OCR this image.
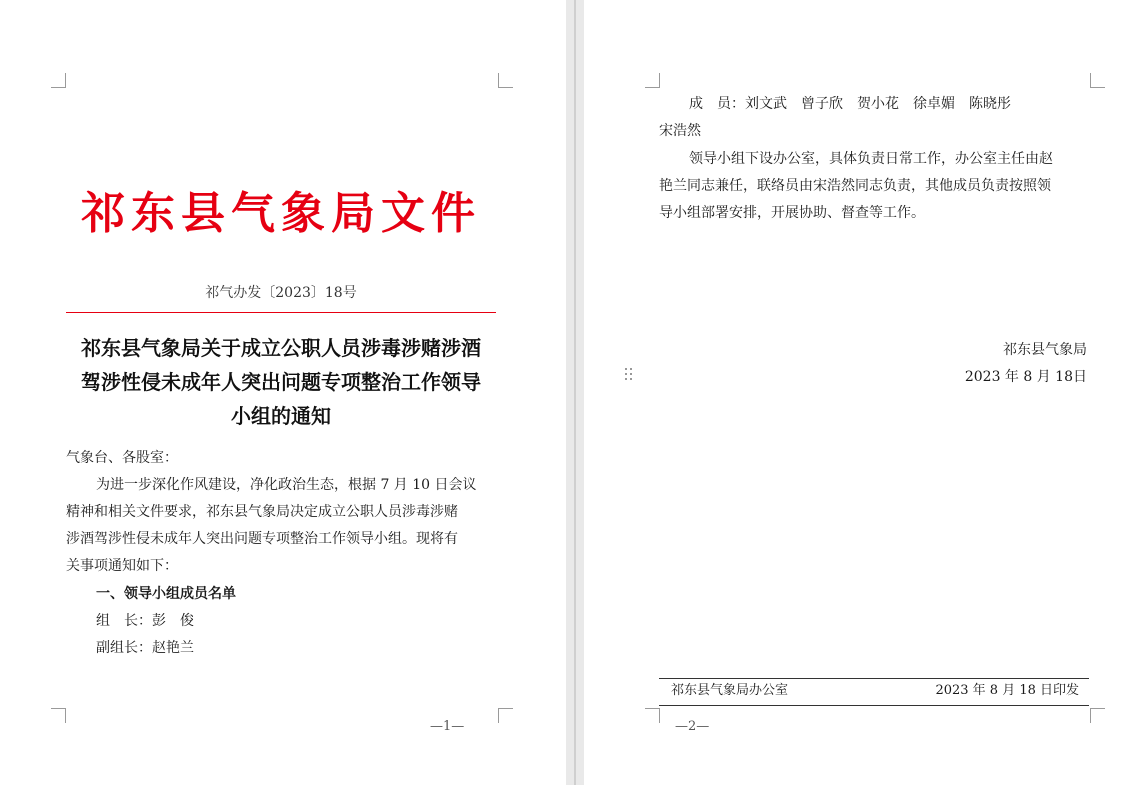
祁东县气象局文件
祁气办发〔2023〕18号
祁东县气象局关于成立公职人员涉毒涉赌涉酒
驾涉性侵未成年人突出问题专项整治工作领导
小组的通知
气象台、各股室：
为进一步深化作风建设，净化政治生态，根据 7 月 10 日会议
精神和相关文件要求，祁东县气象局决定成立公职人员涉毒涉赌
涉酒驾涉性侵未成年人突出问题专项整治工作领导小组。现将有
关事项通知如下：
一、领导小组成员名单
组　长：彭　俊
副组长：赵艳兰
—1—
成　员：刘文武　曾子欣　贺小花　徐卓媚　陈晓彤
宋浩然
领导小组下设办公室，具体负责日常工作，办公室主任由赵
艳兰同志兼任，联络员由宋浩然同志负责，其他成员负责按照领
导小组部署安排，开展协助、督查等工作。
祁东县气象局
2023 年 8 月 18日
祁东县气象局办公室	2023 年 8 月 18 日印发
—2—
